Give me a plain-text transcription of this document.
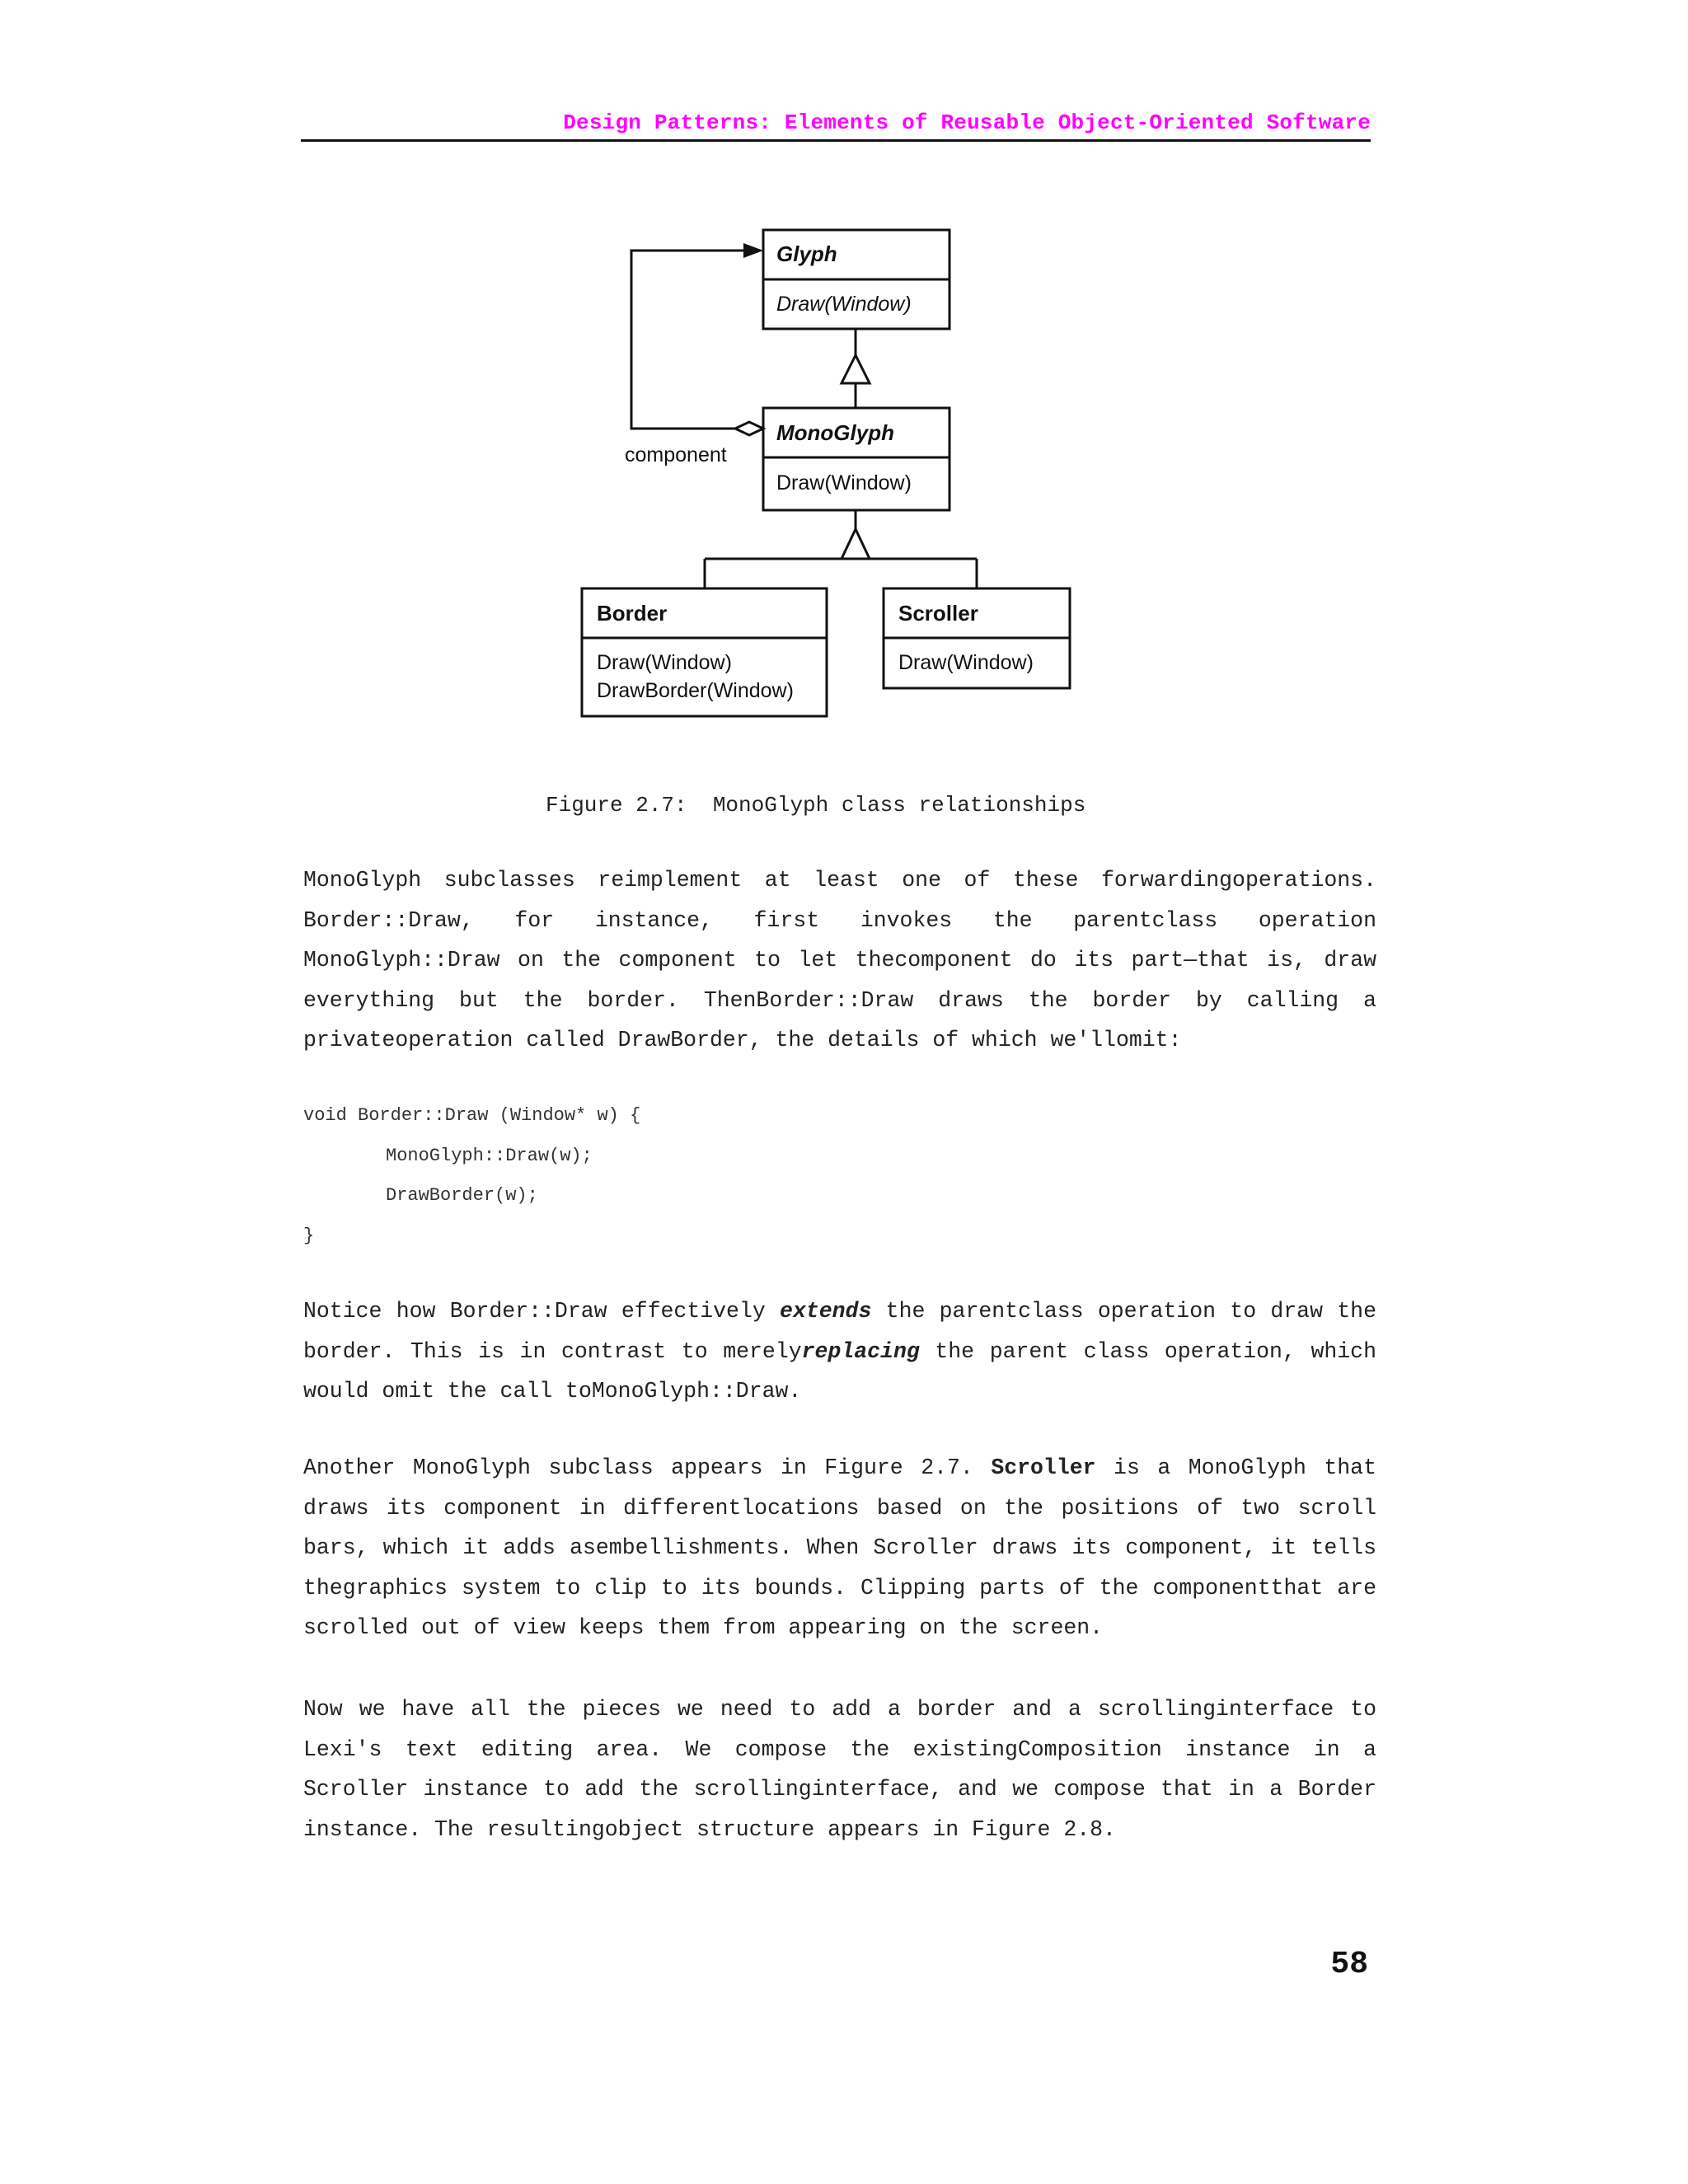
Design Patterns: Elements of Reusable Object-Oriented Software
Glyph
Draw(Window)
MonoGlyph
Draw(Window)
Border
Draw(Window)
DrawBorder(Window)
Scroller
Draw(Window)
component
Figure 2.7:  MonoGlyph class relationships
MonoGlyph subclasses reimplement at least one of these forwardingoperations. Border::Draw, for instance, first invokes the parentclass operation MonoGlyph::Draw on the component to let thecomponent do its part—that is, draw everything but the border. ThenBorder::Draw draws the border by calling a privateoperation called DrawBorder, the details of which we'llomit:
void Border::Draw (Window* w) {
MonoGlyph::Draw(w);
DrawBorder(w);
}
Notice how Border::Draw effectively extends the parentclass operation to draw the border. This is in contrast to merelyreplacing the parent class operation, which would omit the call toMonoGlyph::Draw.
Another MonoGlyph subclass appears in Figure 2.7. Scroller is a MonoGlyph that draws its component in differentlocations based on the positions of two scroll bars, which it adds asembellishments. When Scroller draws its component, it tells thegraphics system to clip to its bounds. Clipping parts of the componentthat are scrolled out of view keeps them from appearing on the screen.
Now we have all the pieces we need to add a border and a scrollinginterface to Lexi's text editing area. We compose the existingComposition instance in a Scroller instance to add the scrollinginterface, and we compose that in a Border instance. The resultingobject structure appears in Figure 2.8.
58
